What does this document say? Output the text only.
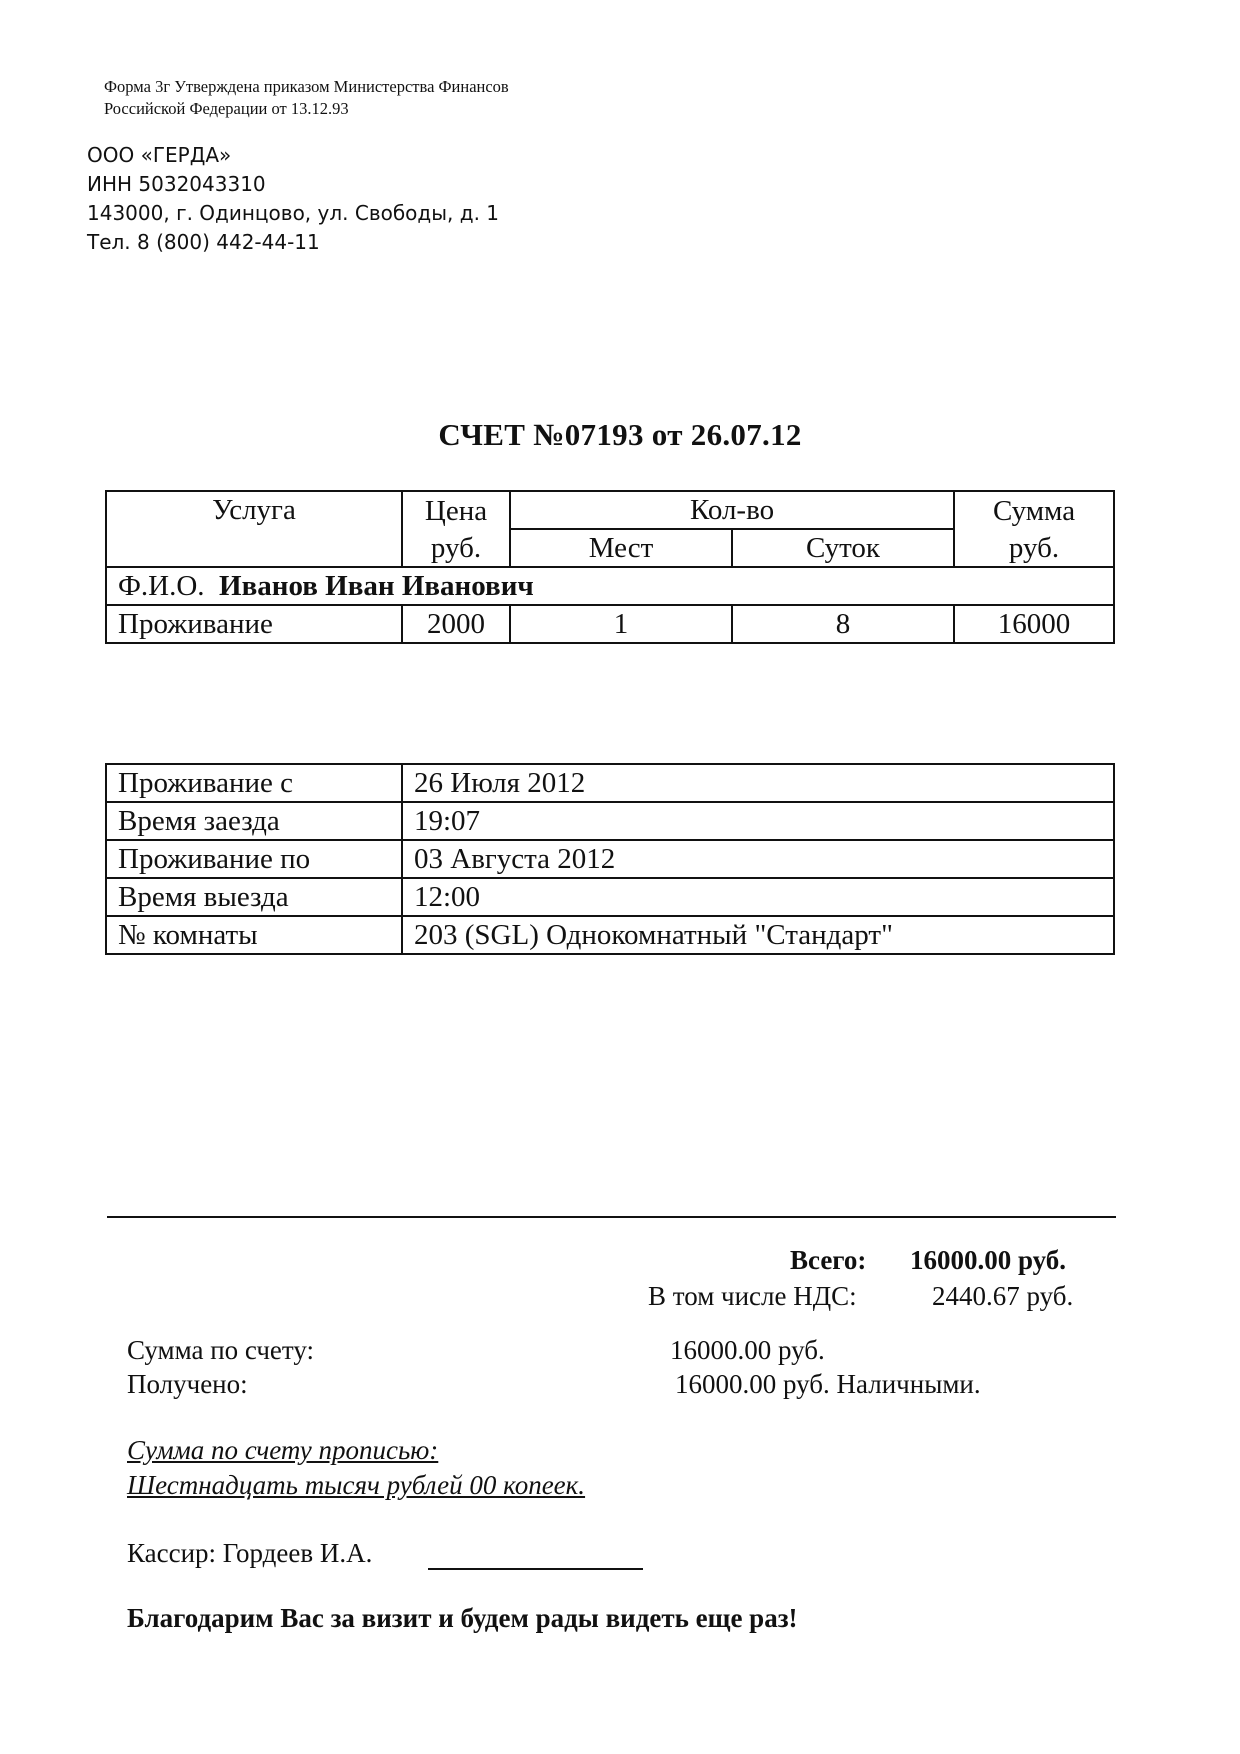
Форма 3г Утверждена приказом Министерства Финансов
Российской Федерации от 13.12.93
ООО «ГЕРДА»
ИНН 5032043310
143000, г. Одинцово, ул. Свободы, д. 1
Тел. 8 (800) 442-44-11
СЧЕТ №07193 от 26.07.12
Услуга	Цена	Кол-во		Сумма
	руб.	Мест	Суток	руб.
Ф.И.О. Иванов Иван Иванович				
Проживание	2000	1	8	16000
Проживание с	26 Июля 2012
Время заезда	19:07
Проживание по	03 Августа 2012
Время выезда	12:00
№ комнаты	203 (SGL) Однокомнатный "Стандарт"
Всего: 16000.00 руб.
В том числе НДС:	2440.67 руб.
Сумма по счету:	16000.00 руб.
Получено:	16000.00 руб. Наличными.
Сумма по счету прописью:
Шестнадцать тысяч рублей 00 копеек.
Кассир: Гордеев И.А.
Благодарим Вас за визит и будем рады видеть еще раз!
